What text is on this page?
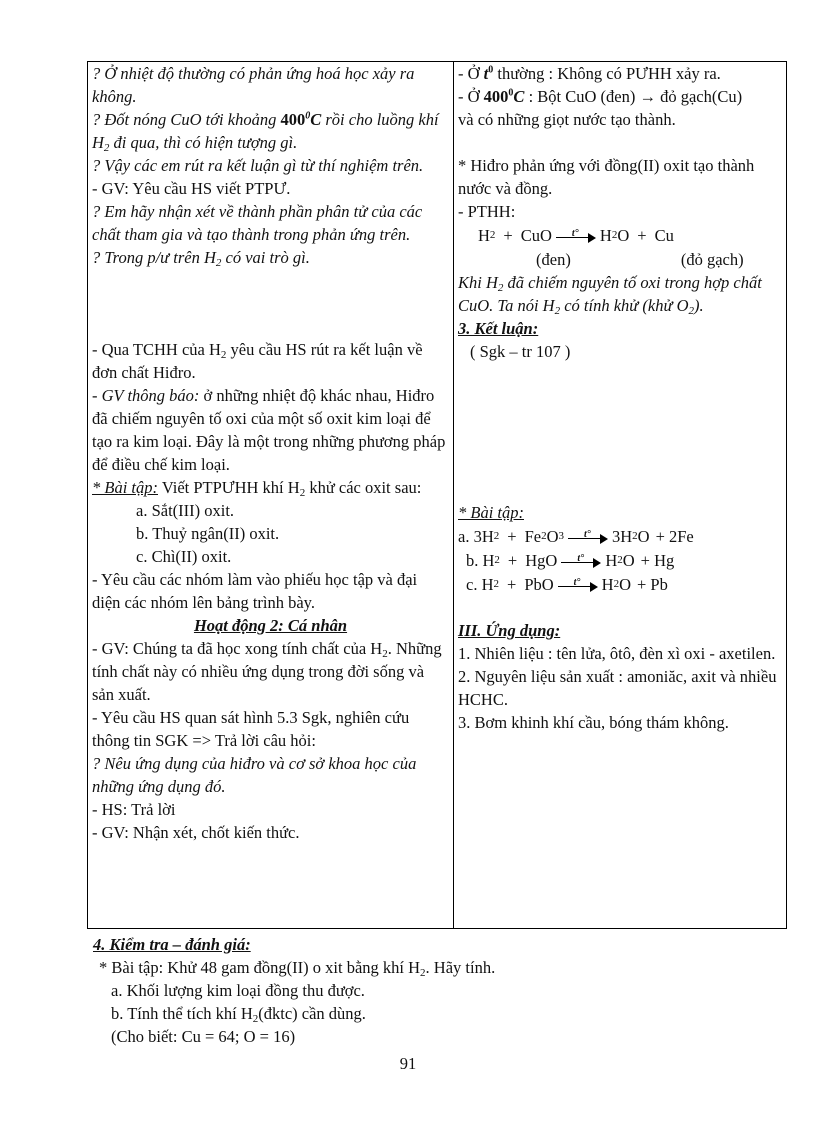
? Ở nhiệt độ thường có phản ứng hoá học xảy ra không.

? Đốt nóng CuO tới khoảng $400^0C$ rồi cho luồng khí $H_2$ đi qua, thì có hiện tượng gì.

? Vậy các em rút ra kết luận gì từ thí nghiệm trên.

- GV: Yêu cầu HS viết PTPƯ.

? Em hãy nhận xét về thành phần phân tử của các chất tham gia và tạo thành trong phản ứng trên.

? Trong p/ư trên $H_2$ có vai trò gì.

- Qua TCHH của $H_2$ yêu cầu HS rút ra kết luận về đơn chất Hiđro.

- GV thông báo: ở những nhiệt độ khác nhau, Hiđro đã chiếm nguyên tố oxi của một số oxit kim loại để tạo ra kim loại. Đây là một trong những phương pháp để điều chế kim loại.

* Bài tập: Viết PTPƯHH khí $H_2$ khử các oxit sau:

a. Sắt(III) oxit.

b. Thuỷ ngân(II) oxit.

c. Chì(II) oxit.

- Yêu cầu các nhóm làm vào phiếu học tập và đại diện các nhóm lên bảng trình bày.

Hoạt động 2: Cá nhân

- GV: Chúng ta đã học xong tính chất của $H_2$. Những tính chất này có nhiều ứng dụng trong đời sống và sản xuất.

- Yêu cầu HS quan sát hình 5.3 Sgk, nghiên cứu thông tin SGK => Trả lời câu hỏi:

? Nêu ứng dụng của hiđro và cơ sở khoa học của những ứng dụng đó.

- HS: Trả lời

- GV: Nhận xét, chốt kiến thức.

- Ở $t^0$ thường : Không có PƯHH xảy ra.

- Ở $400^0C$ : Bột CuO (đen) → đỏ gạch(Cu)

và có những giọt nước tạo thành.

* Hiđro phản ứng với đồng(II) oxit tạo thành nước và đồng.

- PTHH:

H 2 + CuO t° H 2 O + Cu
(đen)	(đỏ gạch)

Khi $H_2$ đã chiếm nguyên tố oxi trong hợp chất CuO. Ta nói $H_2$ có tính khử (khử $O_2$).

3. Kết luận:

( Sgk – tr 107 )

* Bài tập:

a. 3H 2 + Fe 2 O 3 t° 3H 2 O + 2Fe
b. H 2 + HgO t° H 2 O + Hg
c. H 2 + PbO t° H 2 O + Pb

III. Ứng dụng:

1. Nhiên liệu : tên lửa, ôtô, đèn xì oxi - axetilen.

2. Nguyên liệu sản xuất : amoniăc, axit và nhiều HCHC.

3. Bơm khinh khí cầu, bóng thám không.

4. Kiểm tra – đánh giá:

* Bài tập: Khử 48 gam đồng(II) o xit bằng khí $H_2$. Hãy tính.

a. Khối lượng kim loại đồng thu được.

b. Tính thể tích khí $H_2(đktc)$ cần dùng.

(Cho biết: Cu = 64; O = 16)

91
